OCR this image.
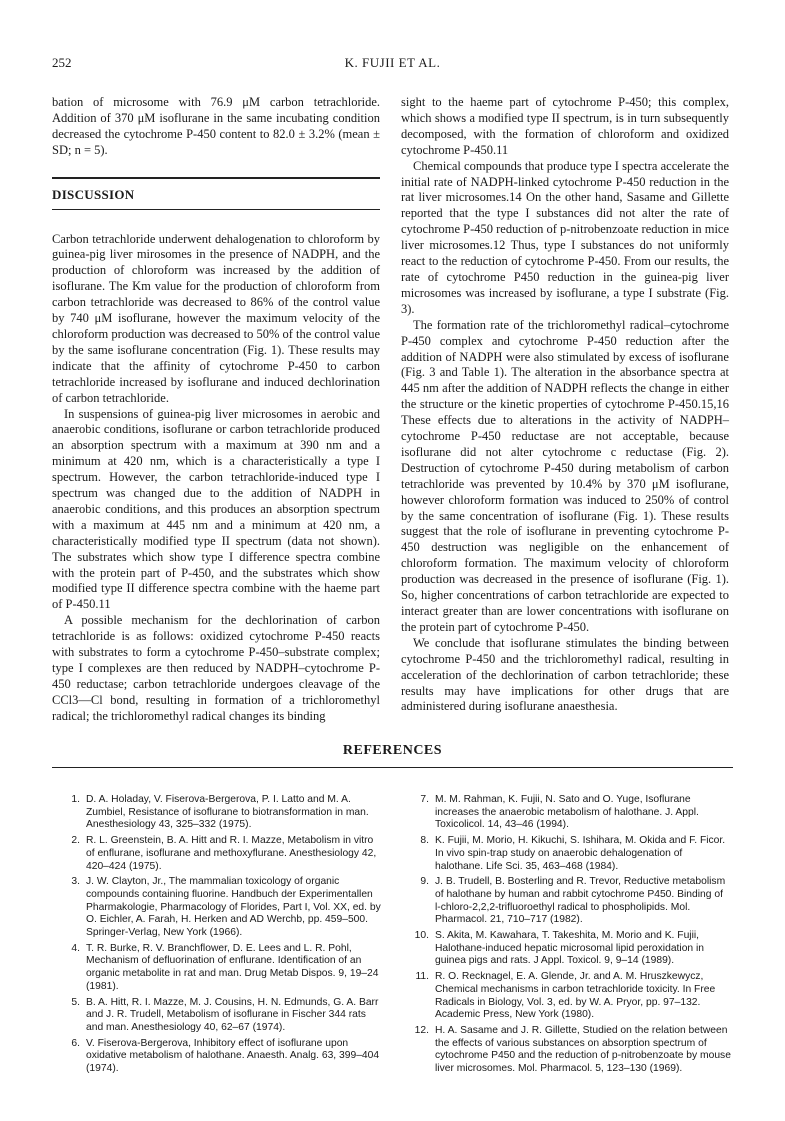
252	K. FUJII ET AL.

bation of microsome with 76.9 μM carbon tetrachloride. Addition of 370 μM isoflurane in the same incubating condition decreased the cytochrome P-450 content to 82.0 ± 3.2% (mean ± SD; n = 5).

DISCUSSION

Carbon tetrachloride underwent dehalogenation to chloroform by guinea-pig liver mirosomes in the presence of NADPH, and the production of chloroform was increased by the addition of isoflurane. The Km value for the production of chloroform from carbon tetrachloride was decreased to 86% of the control value by 740 μM isoflurane, however the maximum velocity of the chloroform production was decreased to 50% of the control value by the same isoflurane concentration (Fig. 1). These results may indicate that the affinity of cytochrome P-450 to carbon tetrachloride increased by isoflurane and induced dechlorination of carbon tetrachloride.

In suspensions of guinea-pig liver microsomes in aerobic and anaerobic conditions, isoflurane or carbon tetrachloride produced an absorption spectrum with a maximum at 390 nm and a minimum at 420 nm, which is a characteristically a type I spectrum. However, the carbon tetrachloride-induced type I spectrum was changed due to the addition of NADPH in anaerobic conditions, and this produces an absorption spectrum with a maximum at 445 nm and a minimum at 420 nm, a characteristically modified type II spectrum (data not shown). The substrates which show type I difference spectra combine with the protein part of P-450, and the substrates which show modified type II difference spectra combine with the haeme part of P-450.11

A possible mechanism for the dechlorination of carbon tetrachloride is as follows: oxidized cytochrome P-450 reacts with substrates to form a cytochrome P-450–substrate complex; type I complexes are then reduced by NADPH–cytochrome P-450 reductase; carbon tetrachloride undergoes cleavage of the CCl3—Cl bond, resulting in formation of a trichloromethyl radical; the trichloromethyl radical changes its binding

sight to the haeme part of cytochrome P-450; this complex, which shows a modified type II spectrum, is in turn subsequently decomposed, with the formation of chloroform and oxidized cytochrome P-450.11

Chemical compounds that produce type I spectra accelerate the initial rate of NADPH-linked cytochrome P-450 reduction in the rat liver microsomes.14 On the other hand, Sasame and Gillette reported that the type I substances did not alter the rate of cytochrome P-450 reduction of p-nitrobenzoate reduction in mice liver microsomes.12 Thus, type I substances do not uniformly react to the reduction of cytochrome P-450. From our results, the rate of cytochrome P450 reduction in the guinea-pig liver microsomes was increased by isoflurane, a type I substrate (Fig. 3).

The formation rate of the trichloromethyl radical–cytochrome P-450 complex and cytochrome P-450 reduction after the addition of NADPH were also stimulated by excess of isoflurane (Fig. 3 and Table 1). The alteration in the absorbance spectra at 445 nm after the addition of NADPH reflects the change in either the structure or the kinetic properties of cytochrome P-450.15,16 These effects due to alterations in the activity of NADPH–cytochrome P-450 reductase are not acceptable, because isoflurane did not alter cytochrome c reductase (Fig. 2). Destruction of cytochrome P-450 during metabolism of carbon tetrachloride was prevented by 10.4% by 370 μM isoflurane, however chloroform formation was induced to 250% of control by the same concentration of isoflurane (Fig. 1). These results suggest that the role of isoflurane in preventing cytochrome P-450 destruction was negligible on the enhancement of chloroform formation. The maximum velocity of chloroform production was decreased in the presence of isoflurane (Fig. 1). So, higher concentrations of carbon tetrachloride are expected to interact greater than are lower concentrations with isoflurane on the protein part of cytochrome P-450.

We conclude that isoflurane stimulates the binding between cytochrome P-450 and the trichloromethyl radical, resulting in acceleration of the dechlorination of carbon tetrachloride; these results may have implications for other drugs that are administered during isoflurane anaesthesia.

REFERENCES
1. D. A. Holaday, V. Fiserova-Bergerova, P. I. Latto and M. A. Zumbiel, Resistance of isoflurane to biotransformation in man. Anesthesiology 43, 325–332 (1975).
2. R. L. Greenstein, B. A. Hitt and R. I. Mazze, Metabolism in vitro of enflurane, isoflurane and methoxyflurane. Anesthesiology 42, 420–424 (1975).
3. J. W. Clayton, Jr., The mammalian toxicology of organic compounds containing fluorine. Handbuch der Experimentallen Pharmakologie, Pharmacology of Florides, Part I, Vol. XX, ed. by O. Eichler, A. Farah, H. Herken and AD Werchb, pp. 459–500. Springer-Verlag, New York (1966).
4. T. R. Burke, R. V. Branchflower, D. E. Lees and L. R. Pohl, Mechanism of defluorination of enflurane. Identification of an organic metabolite in rat and man. Drug Metab Dispos. 9, 19–24 (1981).
5. B. A. Hitt, R. I. Mazze, M. J. Cousins, H. N. Edmunds, G. A. Barr and J. R. Trudell, Metabolism of isoflurane in Fischer 344 rats and man. Anesthesiology 40, 62–67 (1974).
6. V. Fiserova-Bergerova, Inhibitory effect of isoflurane upon oxidative metabolism of halothane. Anaesth. Analg. 63, 399–404 (1974).
7. M. M. Rahman, K. Fujii, N. Sato and O. Yuge, Isoflurane increases the anaerobic metabolism of halothane. J. Appl. Toxicolicol. 14, 43–46 (1994).
8. K. Fujii, M. Morio, H. Kikuchi, S. Ishihara, M. Okida and F. Ficor. In vivo spin-trap study on anaerobic dehalogenation of halothane. Life Sci. 35, 463–468 (1984).
9. J. B. Trudell, B. Bosterling and R. Trevor, Reductive metabolism of halothane by human and rabbit cytochrome P450. Binding of l-chloro-2,2,2-trifluoroethyl radical to phospholipids. Mol. Pharmacol. 21, 710–717 (1982).
10. S. Akita, M. Kawahara, T. Takeshita, M. Morio and K. Fujii, Halothane-induced hepatic microsomal lipid peroxidation in guinea pigs and rats. J Appl. Toxicol. 9, 9–14 (1989).
11. R. O. Recknagel, E. A. Glende, Jr. and A. M. Hruszkewycz, Chemical mechanisms in carbon tetrachloride toxicity. In Free Radicals in Biology, Vol. 3, ed. by W. A. Pryor, pp. 97–132. Academic Press, New York (1980).
12. H. A. Sasame and J. R. Gillette, Studied on the relation between the effects of various substances on absorption spectrum of cytochrome P450 and the reduction of p-nitrobenzoate by mouse liver microsomes. Mol. Pharmacol. 5, 123–130 (1969).
